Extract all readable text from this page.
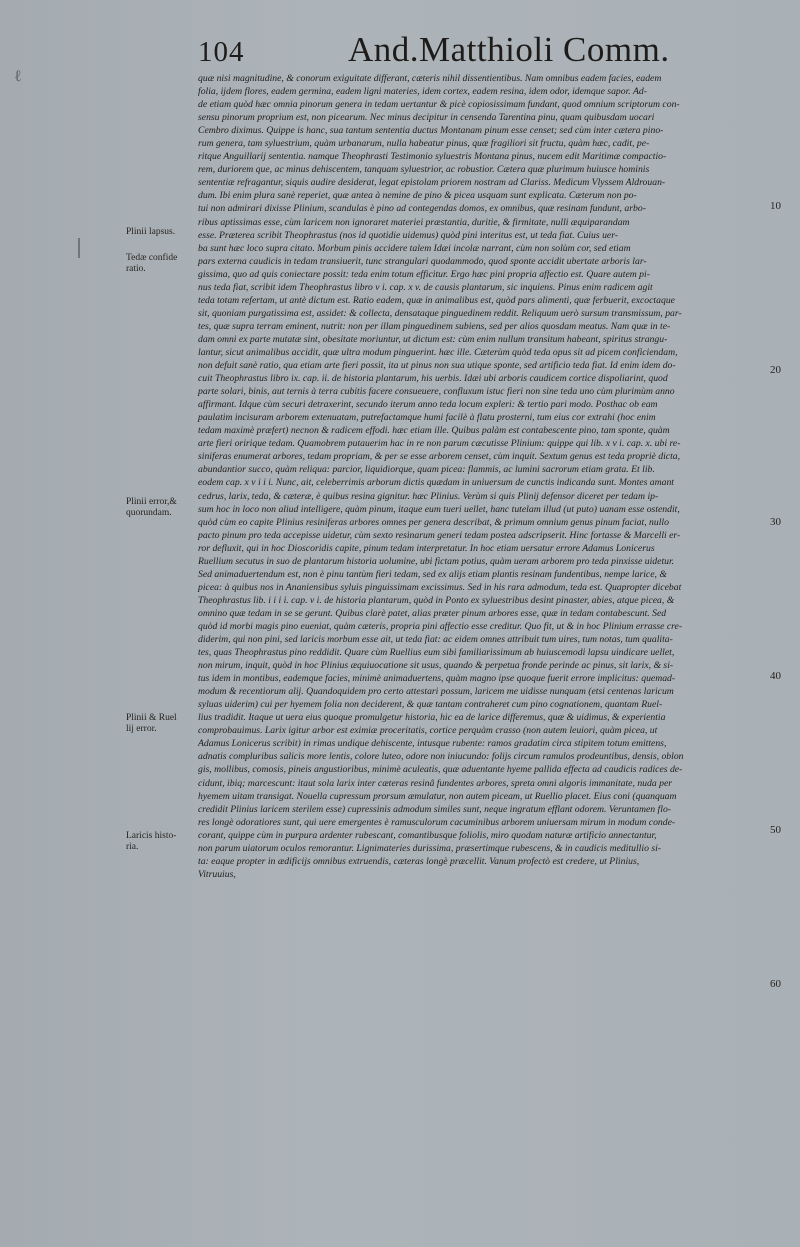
ℓ
104	And.Matthioli Comm.
quæ nisi magnitudine, & conorum exiguitate differant, cæteris nihil dissentientibus. Nam omnibus eadem facies, eadem
folia, ijdem flores, eadem germina, eadem ligni materies, idem cortex, eadem resina, idem odor, idemque sapor. Ad-
de etiam quòd hæc omnia pinorum genera in tedam uertantur & picè copiosissimam fundant, quod omnium scriptorum con-
sensu pinorum proprium est, non picearum. Nec minus decipitur in censenda Tarentina pinu, quam quibusdam uocari
Cembro diximus. Quippe is hanc, sua tantum sententia ductus Montanam pinum esse censet; sed cùm inter cætera pino-
rum genera, tam syluestrium, quàm urbanarum, nulla habeatur pinus, quæ fragiliori sit fructu, quàm hæc, cadit, pe-
ritque Anguillarij sententia. namque Theophrasti Testimonio syluestris Montana pinus, nucem edit Maritimæ compactio-
rem, duriorem que, ac minus dehiscentem, tanquam syluestrior, ac robustior. Cætera quæ plurimum huiusce hominis
sententiæ refragantur, siquis audire desiderat, legat epistolam priorem nostram ad Clariss. Medicum Vlyssem Aldrouan-
dum. Ibi enim plura sanè reperiet, quæ antea à nemine de pino & picea usquam sunt explicata. Cæterum non po-
tui non admirari dixisse Plinium, scandulas è pino ad contegendas domos, ex omnibus, quæ resinam fundunt, arbo-
ribus aptissimas esse, cùm laricem non ignoraret materiei præstantia, duritie, & firmitate, nulli æquiparandam
esse. Præterea scribit Theophrastus (nos id quotidie uidemus) quòd pini interitus est, ut teda fiat. Cuius uer-
ba sunt hæc loco supra citato. Morbum pinis accidere talem Idæi incolæ narrant, cùm non solùm cor, sed etiam
pars externa caudicis in tedam transiuerit, tunc strangulari quodammodo, quod sponte accidit ubertate arboris lar-
gissima, quo ad quis coniectare possit: teda enim totum efficitur. Ergo hæc pini propria affectio est. Quare autem pi-
nus teda fiat, scribit idem Theophrastus libro v i. cap. x v. de causis plantarum, sic inquiens. Pinus enim radicem agit
teda totam refertam, ut antè dictum est. Ratio eadem, quæ in animalibus est, quòd pars alimenti, quæ ferbuerit, excoctaque
sit, quoniam purgatissima est, assidet: & collecta, densataque pinguedinem reddit. Reliquum uerò sursum transmissum, par-
tes, quæ supra terram eminent, nutrit: non per illam pinguedinem subiens, sed per alios quosdam meatus. Nam quæ in te-
dam omni ex parte mutatæ sint, obesitate moriuntur, ut dictum est: cùm enim nullum transitum habeant, spiritus strangu-
lantur, sicut animalibus accidit, quæ ultra modum pinguerint. hæc ille. Cæterùm quòd teda opus sit ad picem conficiendam,
non defuit sanè ratio, qua etiam arte fieri possit, ita ut pinus non sua utique sponte, sed artificio teda fiat. Id enim idem do-
cuit Theophrastus libro ix. cap. ii. de historia plantarum, his uerbis. Idæi ubi arboris caudicem cortice dispoliarint, quod
parte solari, binis, aut ternis à terra cubitis facere consueuere, confluxum istuc fieri non sine teda uno cùm plurimùm anno
affirmant. Idque cùm securi detraxerint, secundo iterum anno teda locum expleri: & tertio pari modo. Posthac ob eam
paulatim incisuram arborem extenuatam, putrefactamque humi facilè à flatu prosterni, tum eius cor extrahi (hoc enim
tedam maximè præfert) necnon & radicem effodi. hæc etiam ille. Quibus palàm est contabescente pino, tam sponte, quàm
arte fieri oririque tedam. Quamobrem putauerim hac in re non parum cæcutisse Plinium: quippe qui lib. x v i. cap. x. ubi re-
siniferas enumerat arbores, tedam propriam, & per se esse arborem censet, cùm inquit. Sextum genus est teda propriè dicta,
abundantior succo, quàm reliqua: parcior, liquidiorque, quam picea: flammis, ac lumini sacrorum etiam grata. Et lib.
eodem cap. x v i i i. Nunc, ait, celeberrimis arborum dictis quædam in uniuersum de cunctis indicanda sunt. Montes amant
cedrus, larix, teda, & cæteræ, è quibus resina gignitur. hæc Plinius. Verùm si quis Plinij defensor diceret per tedam ip-
sum hoc in loco non aliud intelligere, quàm pinum, itaque eum tueri uellet, hanc tutelam illud (ut puto) uanam esse ostendit,
quòd cùm eo capite Plinius resiniferas arbores omnes per genera describat, & primum omnium genus pinum faciat, nullo
pacto pinum pro teda accepisse uidetur, cùm sexto resinarum generi tedam postea adscripserit. Hinc fortasse & Marcelli er-
ror defluxit, qui in hoc Dioscoridis capite, pinum tedam interpretatur. In hoc etiam uersatur errore Adamus Lonicerus
Ruellium secutus in suo de plantarum historia uolumine, ubi fictam potius, quàm ueram arborem pro teda pinxisse uidetur.
Sed animaduertendum est, non è pinu tantùm fieri tedam, sed ex alijs etiam plantis resinam fundentibus, nempe larice, &
picea: à quibus nos in Ananiensibus syluis pinguissimam excissimus. Sed in his rara admodum, teda est. Quapropter dicebat
Theophrastus lib. i i i i. cap. v i. de historia plantarum, quòd in Ponto ex syluestribus desint pinaster, abies, atque picea, &
omnino quæ tedam in se se gerunt. Quibus clarè patet, alias præter pinum arbores esse, quæ in tedam contabescunt. Sed
quòd id morbi magis pino eueniat, quàm cæteris, propria pini affectio esse creditur. Quo fit, ut & in hoc Plinium errasse cre-
diderim, qui non pini, sed laricis morbum esse ait, ut teda fiat: ac eidem omnes attribuit tum uires, tum notas, tum qualita-
tes, quas Theophrastus pino reddidit. Quare cùm Ruellius eum sibi familiarissimum ab huiuscemodi lapsu uindicare uellet,
non mirum, inquit, quòd in hoc Plinius æquiuocatione sit usus, quando & perpetua fronde perinde ac pinus, sit larix, & si-
tus idem in montibus, eademque facies, minimè animaduertens, quàm magno ipse quoque fuerit errore implicitus: quemad-
modum & recentiorum alij. Quandoquidem pro certo attestari possum, laricem me uidisse nunquam (etsi centenas laricum
syluas uiderim) cui per hyemem folia non deciderent, & quæ tantam contraheret cum pino cognationem, quantam Ruel-
lius tradidit. Itaque ut uera eius quoque promulgetur historia, hic ea de larice differemus, quæ & uidimus, & experientia
comprobauimus. Larix igitur arbor est eximiæ proceritatis, cortice perquàm crasso (non autem leuiori, quàm picea, ut
Adamus Lonicerus scribit) in rimas undique dehiscente, intusque rubente: ramos gradatim circa stipitem totum emittens,
adnatis compluribus salicis more lentis, colore luteo, odore non iniucundo: folijs circum ramulos prodeuntibus, densis, oblon
gis, mollibus, comosis, pineis angustioribus, minimè aculeatis, quæ aduentante hyeme pallida effecta ad caudicis radices de-
cidunt, ibiq; marcescunt: itaut sola larix inter cæteras resinâ fundentes arbores, spreta omni algoris immanitate, nuda per
hyemem uitam transigat. Nouella cupressum prorsum æmulatur, non autem piceam, ut Ruellio placet. Eius coni (quanquam
credidit Plinius laricem sterilem esse) cupressinis admodum similes sunt, neque ingratum efflant odorem. Veruntamen flo-
res longè odoratiores sunt, qui uere emergentes è ramusculorum cacuminibus arborem uniuersam mirum in modum conde-
corant, quippe cùm in purpura ardenter rubescant, comantibusque foliolis, miro quodam naturæ artificio annectantur,
non parum uiatorum oculos remorantur. Lignimateries durissima, præsertimque rubescens, & in caudicis meditullio si-
ta: eaque propter in ædificijs omnibus extruendis, cæteras longè præcellit. Vanum profectò est credere, ut Plinius,
Vitruuius,
Plinii lapsus.
Tedæ confide
ratio.
Plinii error,&
quorundam.
Plinii & Ruel
lij error.
Laricis histo-
ria.
10
20
30
40
50
60
